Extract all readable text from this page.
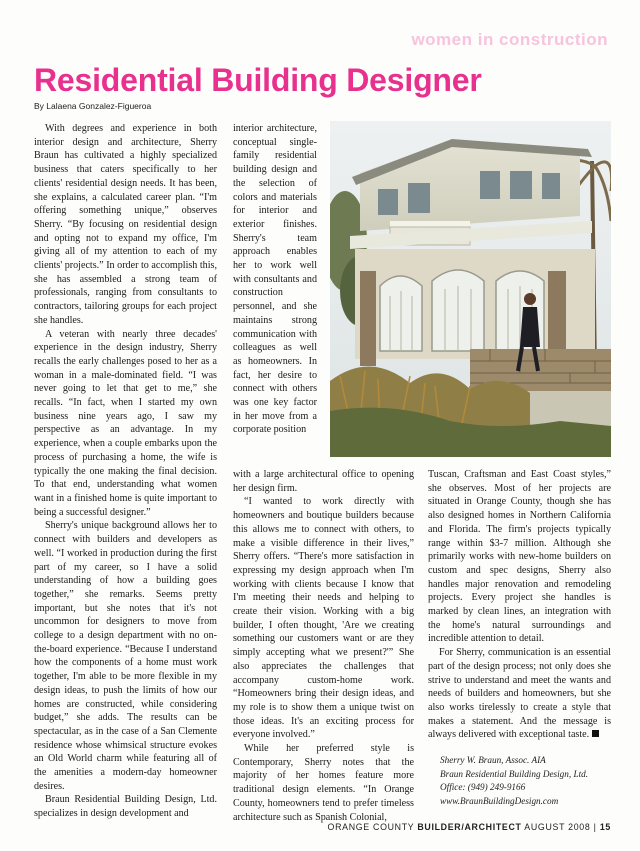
women in construction
Residential Building Designer
By Lalaena Gonzalez-Figueroa

With degrees and experience in both interior design and architecture, Sherry Braun has cultivated a highly specialized business that caters specifically to her clients' residential design needs. It has been, she explains, a calculated career plan. “I'm offering something unique,” observes Sherry. “By focusing on residential design and opting not to expand my office, I'm giving all of my attention to each of my clients' projects.” In order to accomplish this, she has assembled a strong team of professionals, ranging from consultants to contractors, tailoring groups for each project she handles.

A veteran with nearly three decades' experience in the design industry, Sherry recalls the early challenges posed to her as a woman in a male-dominated field. “I was never going to let that get to me,” she recalls. “In fact, when I started my own business nine years ago, I saw my perspective as an advantage. In my experience, when a couple embarks upon the process of purchasing a home, the wife is typically the one making the final decision. To that end, understanding what women want in a finished home is quite important to being a successful designer.”

Sherry's unique background allows her to connect with builders and developers as well. “I worked in production during the first part of my career, so I have a solid understanding of how a building goes together,” she remarks. Seems pretty important, but she notes that it's not uncommon for designers to move from college to a design department with no on-the-board experience. “Because I understand how the components of a home must work together, I'm able to be more flexible in my design ideas, to push the limits of how our homes are constructed, while considering budget,” she adds. The results can be spectacular, as in the case of a San Clemente residence whose whimsical structure evokes an Old World charm while featuring all of the amenities a modern-day homeowner desires.

Braun Residential Building Design, Ltd. specializes in design development and

interior architecture, conceptual single-family residential building design and the selection of colors and materials for interior and exterior finishes. Sherry's team approach enables her to work well with consultants and construction personnel, and she maintains strong communication with colleagues as well as homeowners. In fact, her desire to connect with others was one key factor in her move from a corporate position

with a large architectural office to opening her design firm.

“I wanted to work directly with homeowners and boutique builders because this allows me to connect with others, to make a visible difference in their lives,” Sherry offers. “There's more satisfaction in expressing my design approach when I'm working with clients because I know that I'm meeting their needs and helping to create their vision. Working with a big builder, I often thought, 'Are we creating something our customers want or are they simply accepting what we present?'” She also appreciates the challenges that accompany custom-home work. “Homeowners bring their design ideas, and my role is to show them a unique twist on those ideas. It's an exciting process for everyone involved.”

While her preferred style is Contemporary, Sherry notes that the majority of her homes feature more traditional design elements. “In Orange County, homeowners tend to prefer timeless architecture such as Spanish Colonial,

Tuscan, Craftsman and East Coast styles,” she observes. Most of her projects are situated in Orange County, though she has also designed homes in Northern California and Florida. The firm's projects typically range within $3-7 million. Although she primarily works with new-home builders on custom and spec designs, Sherry also handles major renovation and remodeling projects. Every project she handles is marked by clean lines, an integration with the home's natural surroundings and incredible attention to detail.

For Sherry, communication is an essential part of the design process; not only does she strive to understand and meet the wants and needs of builders and homeowners, but she also works tirelessly to create a style that makes a statement. And the message is always delivered with exceptional taste.

Sherry W. Braun, Assoc. AIA
Braun Residential Building Design, Ltd.
Office: (949) 249-9166
www.BraunBuildingDesign.com
ORANGE COUNTY BUILDER/ARCHITECT AUGUST 2008 | 15
